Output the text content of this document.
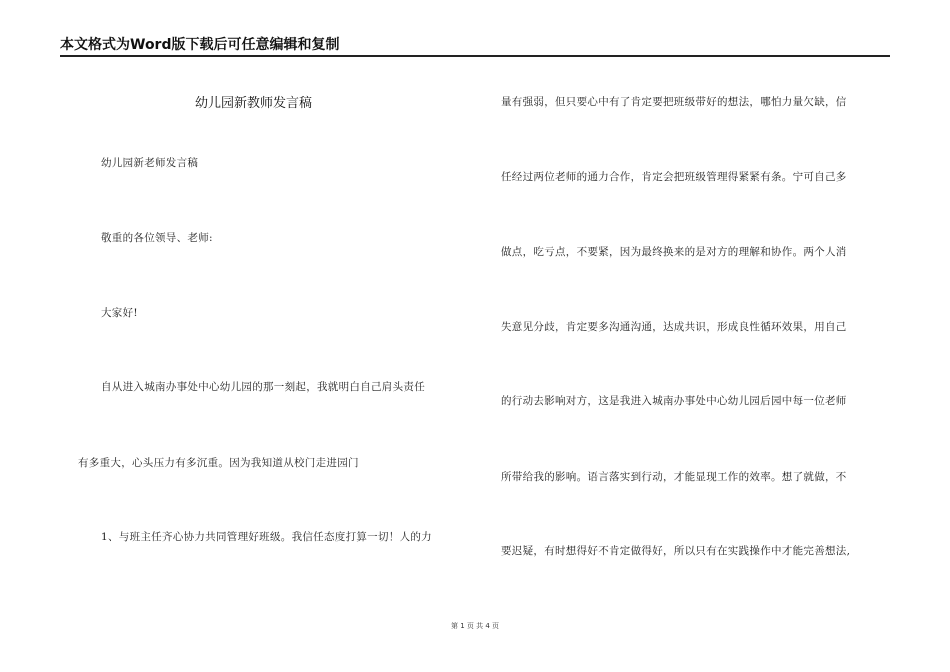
本文格式为Word版下载后可任意编辑和复制
幼儿园新教师发言稿
幼儿园新老师发言稿
敬重的各位领导、老师:
大家好!
自从进入城南办事处中心幼儿园的那一刻起，我就明白自己肩头责任
有多重大，心头压力有多沉重。因为我知道从校门走进园门
1、与班主任齐心协力共同管理好班级。我信任态度打算一切！人的力
量有强弱，但只要心中有了肯定要把班级带好的想法，哪怕力量欠缺，信
任经过两位老师的通力合作，肯定会把班级管理得紧紧有条。宁可自己多
做点，吃亏点，不要紧，因为最终换来的是对方的理解和协作。两个人消
失意见分歧，肯定要多沟通沟通，达成共识，形成良性循环效果，用自己
的行动去影响对方，这是我进入城南办事处中心幼儿园后园中每一位老师
所带给我的影响。语言落实到行动，才能显现工作的效率。想了就做，不
要迟疑，有时想得好不肯定做得好，所以只有在实践操作中才能完善想法,
第 1 页 共 4 页
